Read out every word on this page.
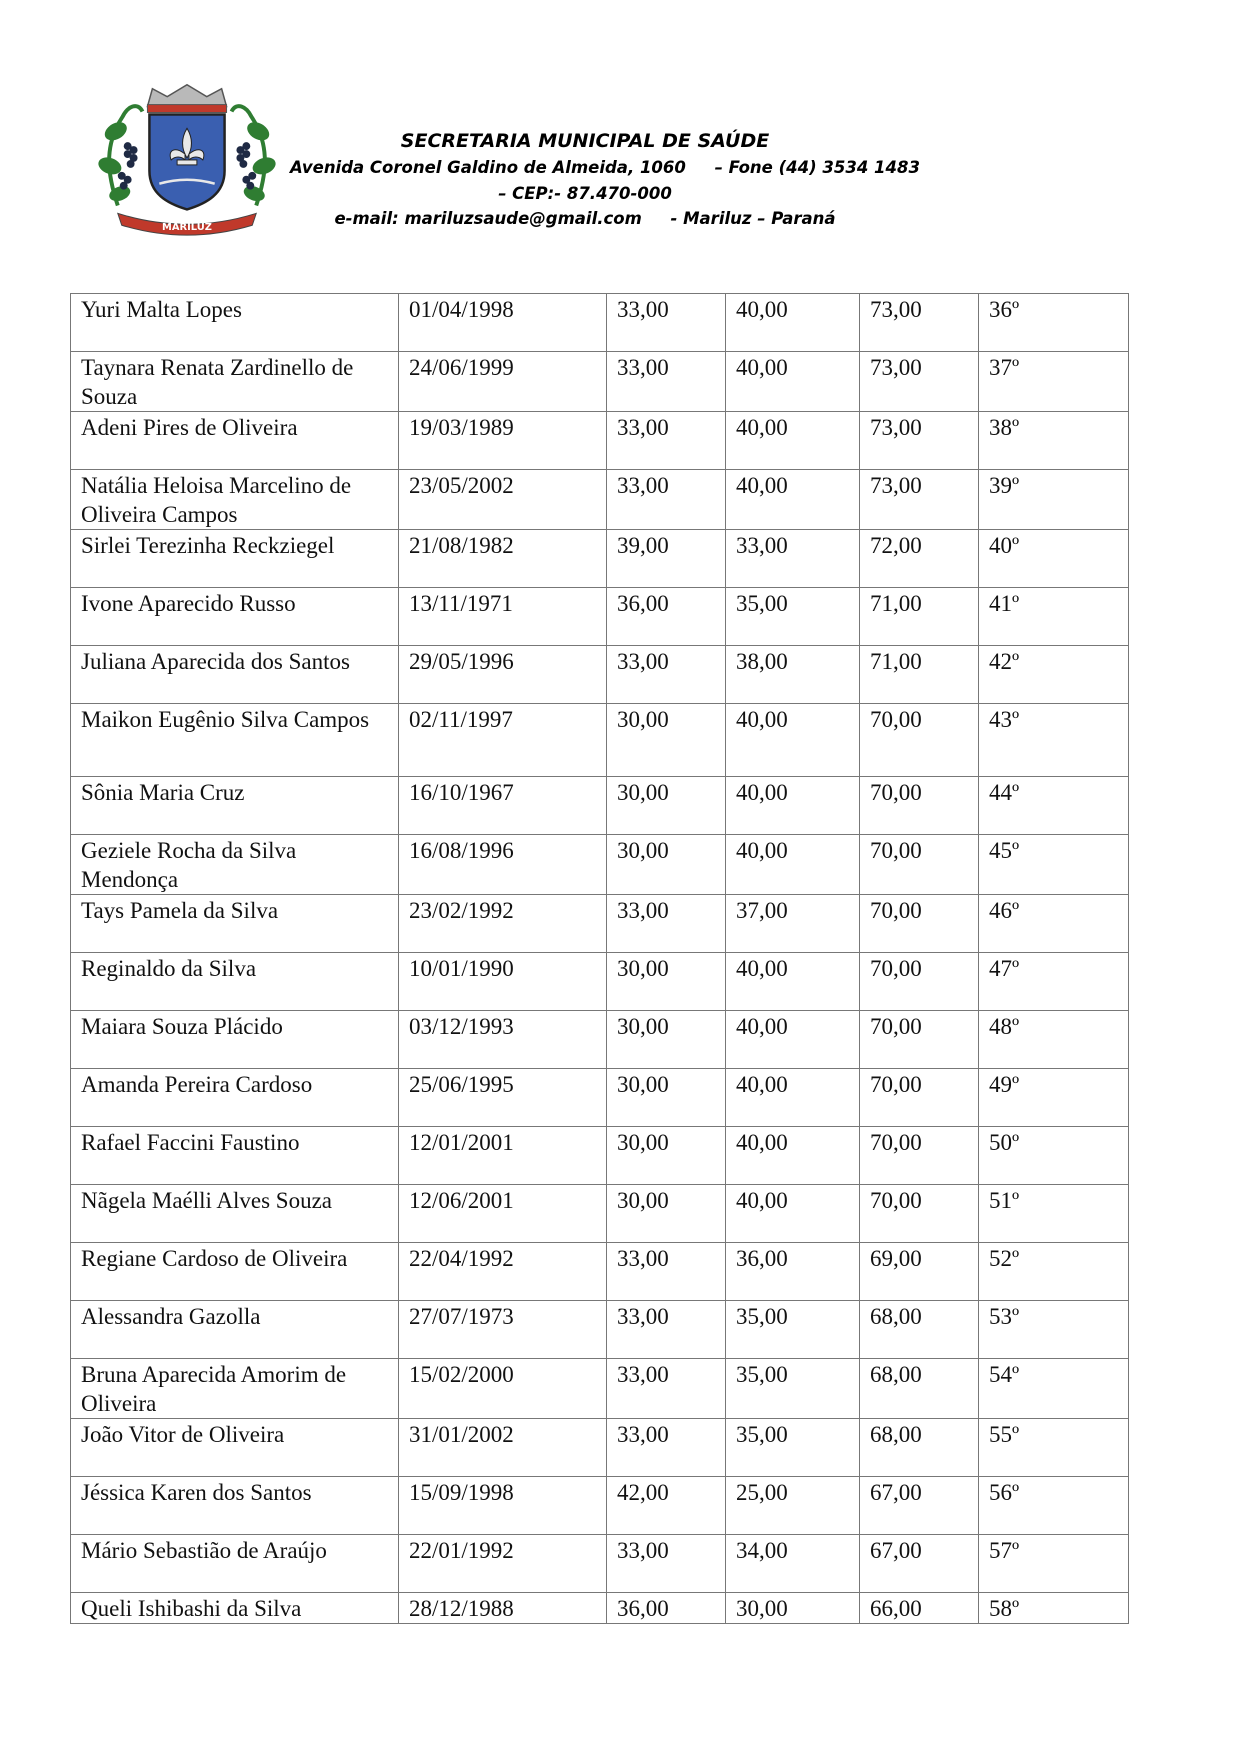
MARILUZ
SECRETARIA MUNICIPAL DE SAÚDE
Avenida Coronel Galdino de Almeida, 1060     – Fone (44) 3534 1483
– CEP:- 87.470-000
e-mail: mariluzsaude@gmail.com     - Mariluz – Paraná
Yuri Malta Lopes	01/04/1998	33,00	40,00	73,00	36º
Taynara Renata Zardinello de Souza	24/06/1999	33,00	40,00	73,00	37º
Adeni Pires de Oliveira	19/03/1989	33,00	40,00	73,00	38º
Natália Heloisa Marcelino de Oliveira Campos	23/05/2002	33,00	40,00	73,00	39º
Sirlei Terezinha Reckziegel	21/08/1982	39,00	33,00	72,00	40º
Ivone Aparecido Russo	13/11/1971	36,00	35,00	71,00	41º
Juliana Aparecida dos Santos	29/05/1996	33,00	38,00	71,00	42º
Maikon Eugênio Silva Campos	02/11/1997	30,00	40,00	70,00	43º
Sônia Maria Cruz	16/10/1967	30,00	40,00	70,00	44º
Geziele Rocha da Silva Mendonça	16/08/1996	30,00	40,00	70,00	45º
Tays Pamela da Silva	23/02/1992	33,00	37,00	70,00	46º
Reginaldo da Silva	10/01/1990	30,00	40,00	70,00	47º
Maiara Souza Plácido	03/12/1993	30,00	40,00	70,00	48º
Amanda Pereira Cardoso	25/06/1995	30,00	40,00	70,00	49º
Rafael Faccini Faustino	12/01/2001	30,00	40,00	70,00	50º
Nãgela Maélli Alves Souza	12/06/2001	30,00	40,00	70,00	51º
Regiane Cardoso de Oliveira	22/04/1992	33,00	36,00	69,00	52º
Alessandra Gazolla	27/07/1973	33,00	35,00	68,00	53º
Bruna Aparecida Amorim de Oliveira	15/02/2000	33,00	35,00	68,00	54º
João Vitor de Oliveira	31/01/2002	33,00	35,00	68,00	55º
Jéssica Karen dos Santos	15/09/1998	42,00	25,00	67,00	56º
Mário Sebastião de Araújo	22/01/1992	33,00	34,00	67,00	57º
Queli Ishibashi da Silva	28/12/1988	36,00	30,00	66,00	58º
